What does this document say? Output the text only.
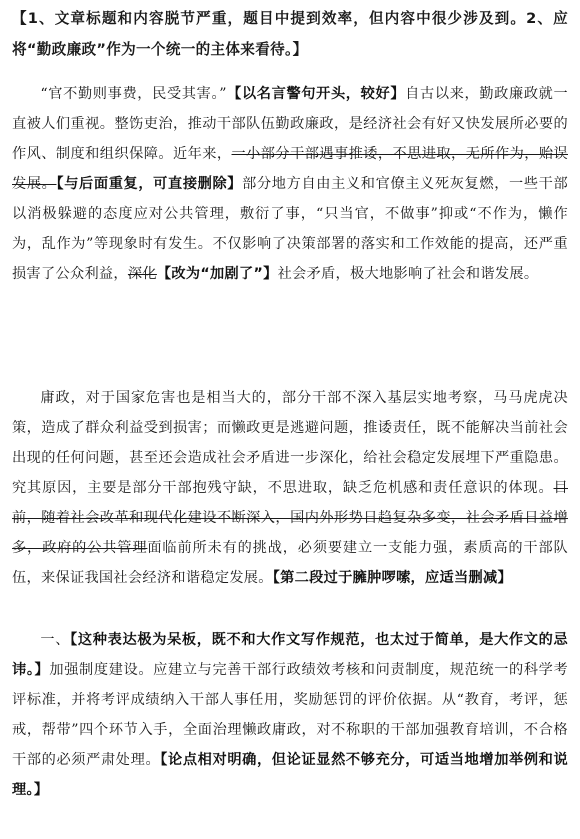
【1、文章标题和内容脱节严重，题目中提到效率，但内容中很少涉及到。2、应将“勤政廉政”作为一个统一的主体来看待。】
“官不勤则事费，民受其害。”【以名言警句开头，较好】自古以来，勤政廉政就一直被人们重视。整饬吏治，推动干部队伍勤政廉政，是经济社会有好又快发展所必要的作风、制度和组织保障。近年来，一小部分干部遇事推诿，不思进取，无所作为，贻误发展。【与后面重复，可直接删除】部分地方自由主义和官僚主义死灰复燃，一些干部以消极躲避的态度应对公共管理，敷衍了事，“只当官，不做事”抑或“不作为，懒作为，乱作为”等现象时有发生。不仅影响了决策部署的落实和工作效能的提高，还严重损害了公众利益，深化【改为“加剧了”】社会矛盾，极大地影响了社会和谐发展。
庸政，对于国家危害也是相当大的，部分干部不深入基层实地考察，马马虎虎决策，造成了群众利益受到损害；而懒政更是逃避问题，推诿责任，既不能解决当前社会出现的任何问题，甚至还会造成社会矛盾进一步深化，给社会稳定发展埋下严重隐患。究其原因，主要是部分干部抱残守缺，不思进取，缺乏危机感和责任意识的体现。目前，随着社会改革和现代化建设不断深入，国内外形势日趋复杂多变，社会矛盾日益增多，政府的公共管理面临前所未有的挑战，必须要建立一支能力强，素质高的干部队伍，来保证我国社会经济和谐稳定发展。【第二段过于臃肿啰嗦，应适当删减】
一、【这种表达极为呆板，既不和大作文写作规范，也太过于简单，是大作文的忌讳。】加强制度建设。应建立与完善干部行政绩效考核和问责制度，规范统一的科学考评标准，并将考评成绩纳入干部人事任用，奖励惩罚的评价依据。从“教育，考评，惩戒，帮带”四个环节入手，全面治理懒政庸政，对不称职的干部加强教育培训，不合格干部的必须严肃处理。【论点相对明确，但论证显然不够充分，可适当地增加举例和说理。】
